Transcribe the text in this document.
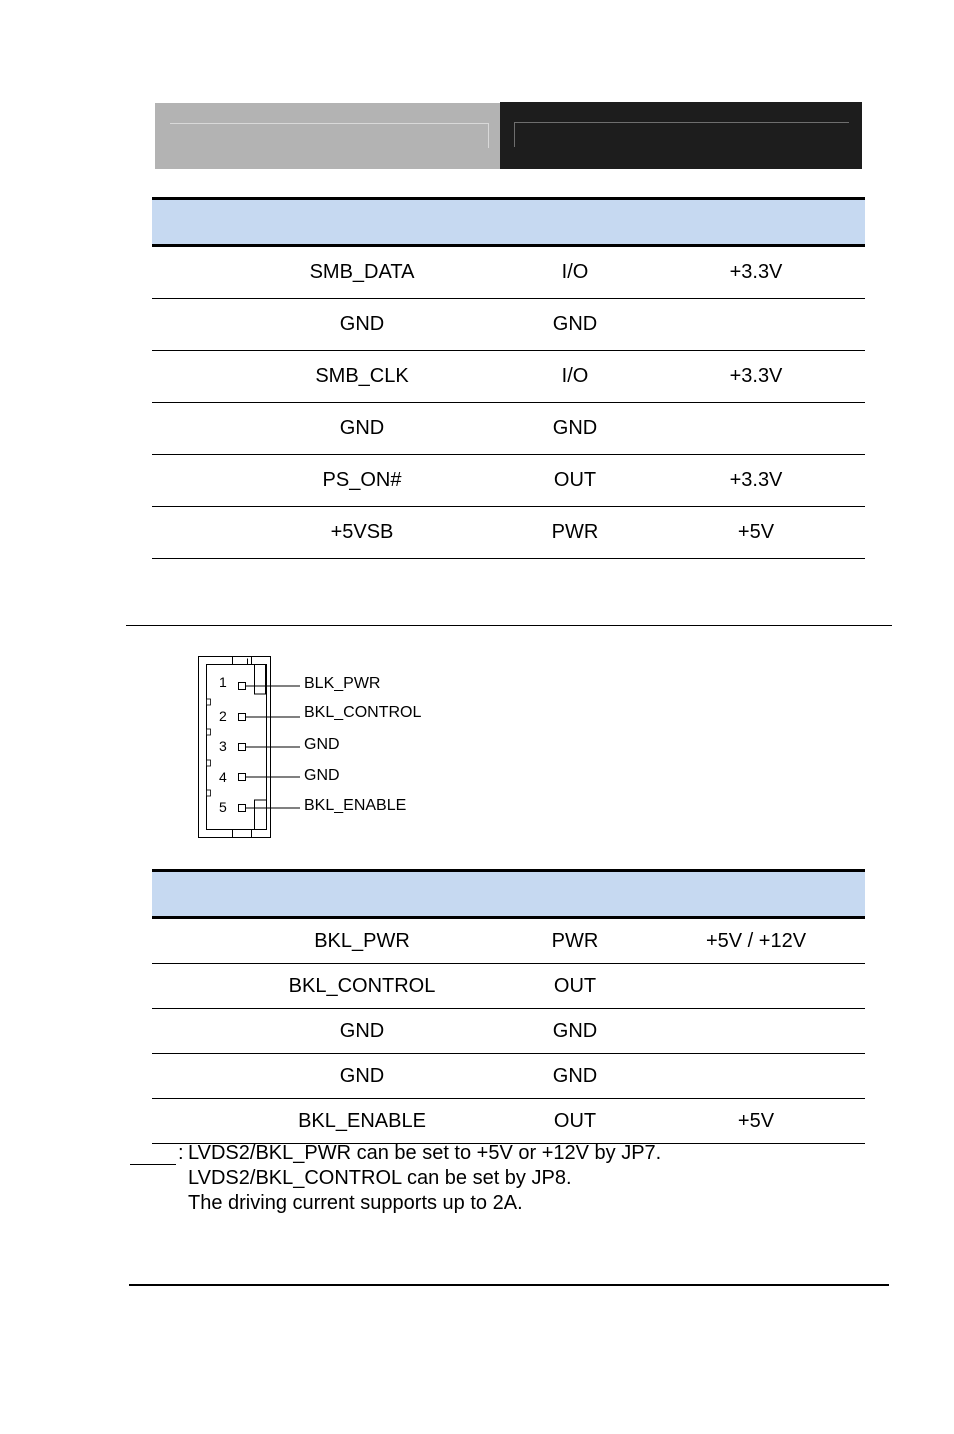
SMB_DATA	I/O	+3.3V
GND	GND
SMB_CLK	I/O	+3.3V
GND	GND
PS_ON#	OUT	+3.3V
+5VSB	PWR	+5V
1
2
3
4
5
BLK_PWR
BKL_CONTROL
GND
GND
BKL_ENABLE
BKL_PWR	PWR	+5V / +12V
BKL_CONTROL	OUT
GND	GND
GND	GND
BKL_ENABLE	OUT	+5V
: LVDS2/BKL_PWR can be set to +5V or +12V by JP7.
LVDS2/BKL_CONTROL can be set by JP8.
The driving current supports up to 2A.
